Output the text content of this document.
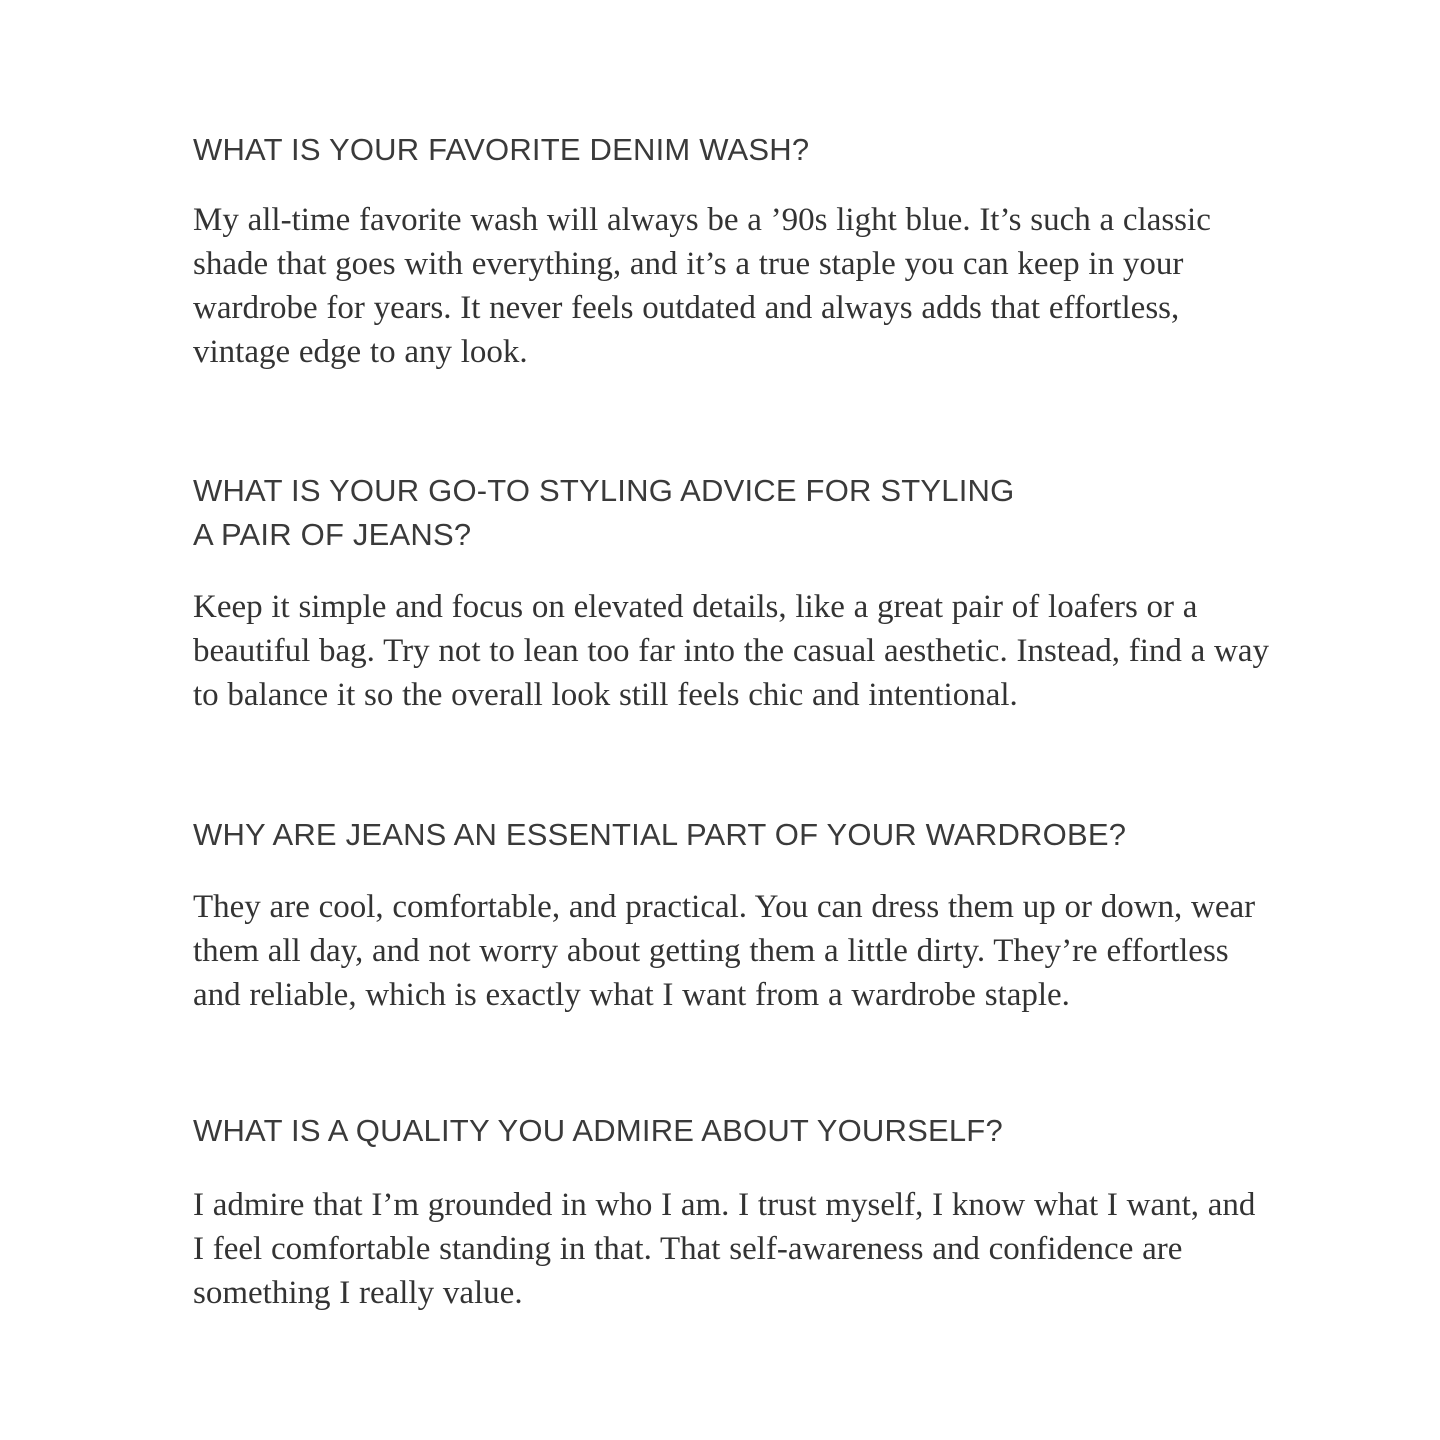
WHAT IS YOUR FAVORITE DENIM WASH?

My all-time favorite wash will always be a ’90s light blue. It’s such a classic shade that goes with everything, and it’s a true staple you can keep in your wardrobe for years. It never feels outdated and always adds that effortless, vintage edge to any look.

WHAT IS YOUR GO-TO STYLING ADVICE FOR STYLING
A PAIR OF JEANS?

Keep it simple and focus on elevated details, like a great pair of loafers or a beautiful bag. Try not to lean too far into the casual aesthetic. Instead, find a way to balance it so the overall look still feels chic and intentional.

WHY ARE JEANS AN ESSENTIAL PART OF YOUR WARDROBE?

They are cool, comfortable, and practical. You can dress them up or down, wear them all day, and not worry about getting them a little dirty. They’re effortless and reliable, which is exactly what I want from a wardrobe staple.

WHAT IS A QUALITY YOU ADMIRE ABOUT YOURSELF?

I admire that I’m grounded in who I am. I trust myself, I know what I want, and I feel comfortable standing in that. That self-awareness and confidence are something I really value.
